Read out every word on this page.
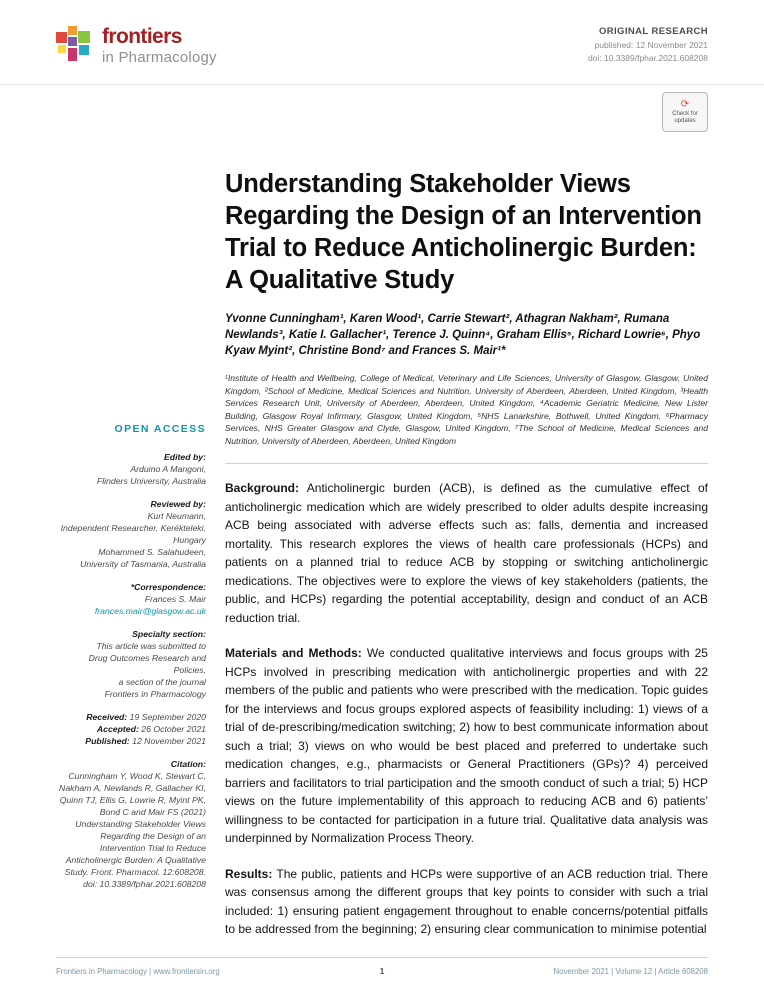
frontiers
in Pharmacology
ORIGINAL RESEARCH
published: 12 November 2021
doi: 10.3389/fphar.2021.608208
⟳
Check for updates
OPEN ACCESS
Edited by:
Arduino A Mangoni,
Flinders University, Australia
Reviewed by:
Kurt Neumann,
Independent Researcher, Kerékteleki,
Hungary
Mohammed S. Salahudeen,
University of Tasmania, Australia
*Correspondence:
Frances S. Mair
frances.mair@glasgow.ac.uk
Specialty section:
This article was submitted to
Drug Outcomes Research and
Policies,
a section of the journal
Frontiers in Pharmacology
Received: 19 September 2020
Accepted: 26 October 2021
Published: 12 November 2021
Citation:
Cunningham Y, Wood K, Stewart C, Nakham A, Newlands R, Gallacher KI, Quinn TJ, Ellis G, Lowrie R, Myint PK, Bond C and Mair FS (2021) Understanding Stakeholder Views Regarding the Design of an Intervention Trial to Reduce Anticholinergic Burden: A Qualitative Study. Front. Pharmacol. 12:608208. doi: 10.3389/fphar.2021.608208
Understanding Stakeholder Views Regarding the Design of an Intervention Trial to Reduce Anticholinergic Burden: A Qualitative Study
Yvonne Cunningham¹, Karen Wood¹, Carrie Stewart², Athagran Nakham², Rumana Newlands³, Katie I. Gallacher¹, Terence J. Quinn⁴, Graham Ellis⁵, Richard Lowrie⁶, Phyo Kyaw Myint², Christine Bond⁷ and Frances S. Mair¹*
¹Institute of Health and Wellbeing, College of Medical, Veterinary and Life Sciences, University of Glasgow, Glasgow, United Kingdom, ²School of Medicine, Medical Sciences and Nutrition, University of Aberdeen, Aberdeen, United Kingdom, ³Health Services Research Unit, University of Aberdeen, Aberdeen, United Kingdom, ⁴Academic Geriatric Medicine, New Lister Building, Glasgow Royal Infirmary, Glasgow, United Kingdom, ⁵NHS Lanarkshire, Bothwell, United Kingdom, ⁶Pharmacy Services, NHS Greater Glasgow and Clyde, Glasgow, United Kingdom, ⁷The School of Medicine, Medical Sciences and Nutrition, University of Aberdeen, Aberdeen, United Kingdom

Background: Anticholinergic burden (ACB), is defined as the cumulative effect of anticholinergic medication which are widely prescribed to older adults despite increasing ACB being associated with adverse effects such as: falls, dementia and increased mortality. This research explores the views of health care professionals (HCPs) and patients on a planned trial to reduce ACB by stopping or switching anticholinergic medications. The objectives were to explore the views of key stakeholders (patients, the public, and HCPs) regarding the potential acceptability, design and conduct of an ACB reduction trial.

Materials and Methods: We conducted qualitative interviews and focus groups with 25 HCPs involved in prescribing medication with anticholinergic properties and with 22 members of the public and patients who were prescribed with the medication. Topic guides for the interviews and focus groups explored aspects of feasibility including: 1) views of a trial of de-prescribing/medication switching; 2) how to best communicate information about such a trial; 3) views on who would be best placed and preferred to undertake such medication changes, e.g., pharmacists or General Practitioners (GPs)? 4) perceived barriers and facilitators to trial participation and the smooth conduct of such a trial; 5) HCP views on the future implementability of this approach to reducing ACB and 6) patients’ willingness to be contacted for participation in a future trial. Qualitative data analysis was underpinned by Normalization Process Theory.

Results: The public, patients and HCPs were supportive of an ACB reduction trial. There was consensus among the different groups that key points to consider with such a trial included: 1) ensuring patient engagement throughout to enable concerns/potential pitfalls to be addressed from the beginning; 2) ensuring clear communication to minimise potential

Frontiers in Pharmacology | www.frontiersin.org	1	November 2021 | Volume 12 | Article 608208
